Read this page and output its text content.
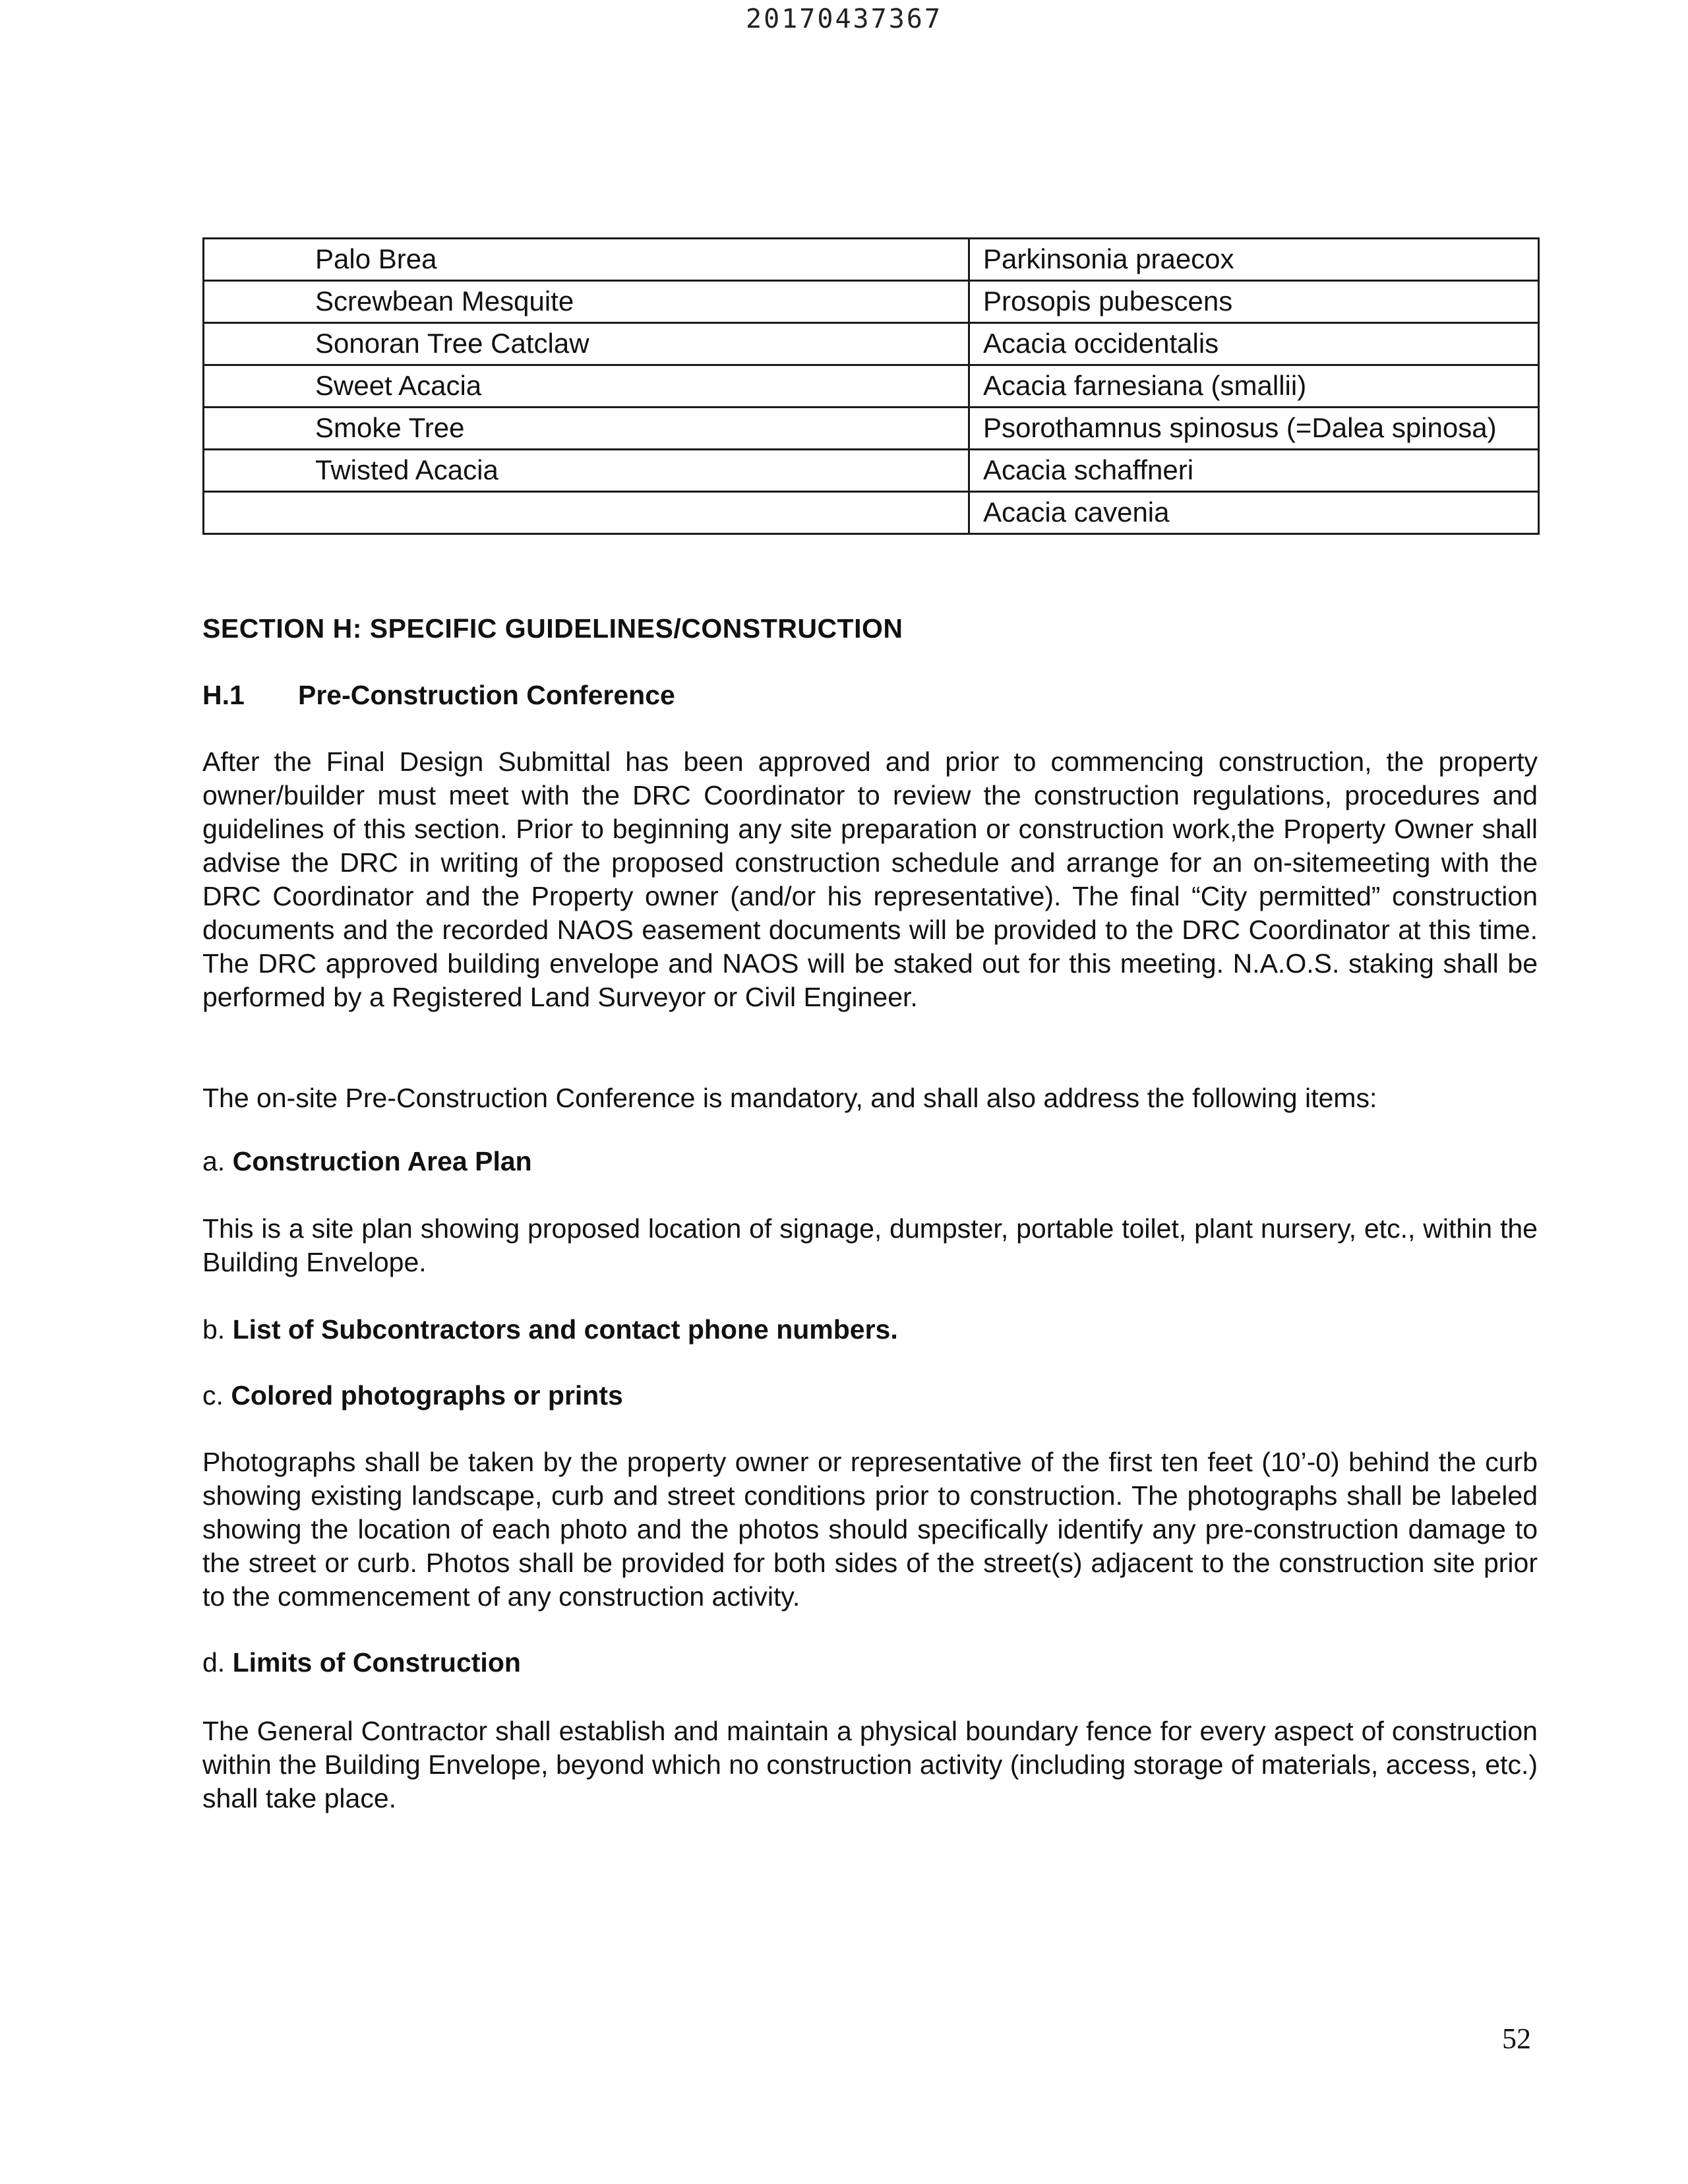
20170437367
Palo Brea	Parkinsonia praecox
Screwbean Mesquite	Prosopis pubescens
Sonoran Tree Catclaw	Acacia occidentalis
Sweet Acacia	Acacia farnesiana (smallii)
Smoke Tree	Psorothamnus spinosus (=Dalea spinosa)
Twisted Acacia	Acacia schaffneri
	Acacia cavenia
SECTION H: SPECIFIC GUIDELINES/CONSTRUCTION
H.1 Pre-Construction Conference

After the Final Design Submittal has been approved and prior to commencing construction, the property owner/builder must meet with the DRC Coordinator to review the construction regulations, procedures and guidelines of this section. Prior to beginning any site preparation or construction work,the Property Owner shall advise the DRC in writing of the proposed construction schedule and arrange for an on-sitemeeting with the DRC Coordinator and the Property owner (and/or his representative). The final “City permitted” construction documents and the recorded NAOS easement documents will be provided to the DRC Coordinator at this time. The DRC approved building envelope and NAOS will be staked out for this meeting. N.A.O.S. staking shall be performed by a Registered Land Surveyor or Civil Engineer.

The on-site Pre-Construction Conference is mandatory, and shall also address the following items:

a. Construction Area Plan

This is a site plan showing proposed location of signage, dumpster, portable toilet, plant nursery, etc., within the Building Envelope.

b. List of Subcontractors and contact phone numbers.

c. Colored photographs or prints

Photographs shall be taken by the property owner or representative of the first ten feet (10’-0) behind the curb showing existing landscape, curb and street conditions prior to construction. The photographs shall be labeled showing the location of each photo and the photos should specifically identify any pre-construction damage to the street or curb. Photos shall be provided for both sides of the street(s) adjacent to the construction site prior to the commencement of any construction activity.

d. Limits of Construction

The General Contractor shall establish and maintain a physical boundary fence for every aspect of construction within the Building Envelope, beyond which no construction activity (including storage of materials, access, etc.) shall take place.

52
